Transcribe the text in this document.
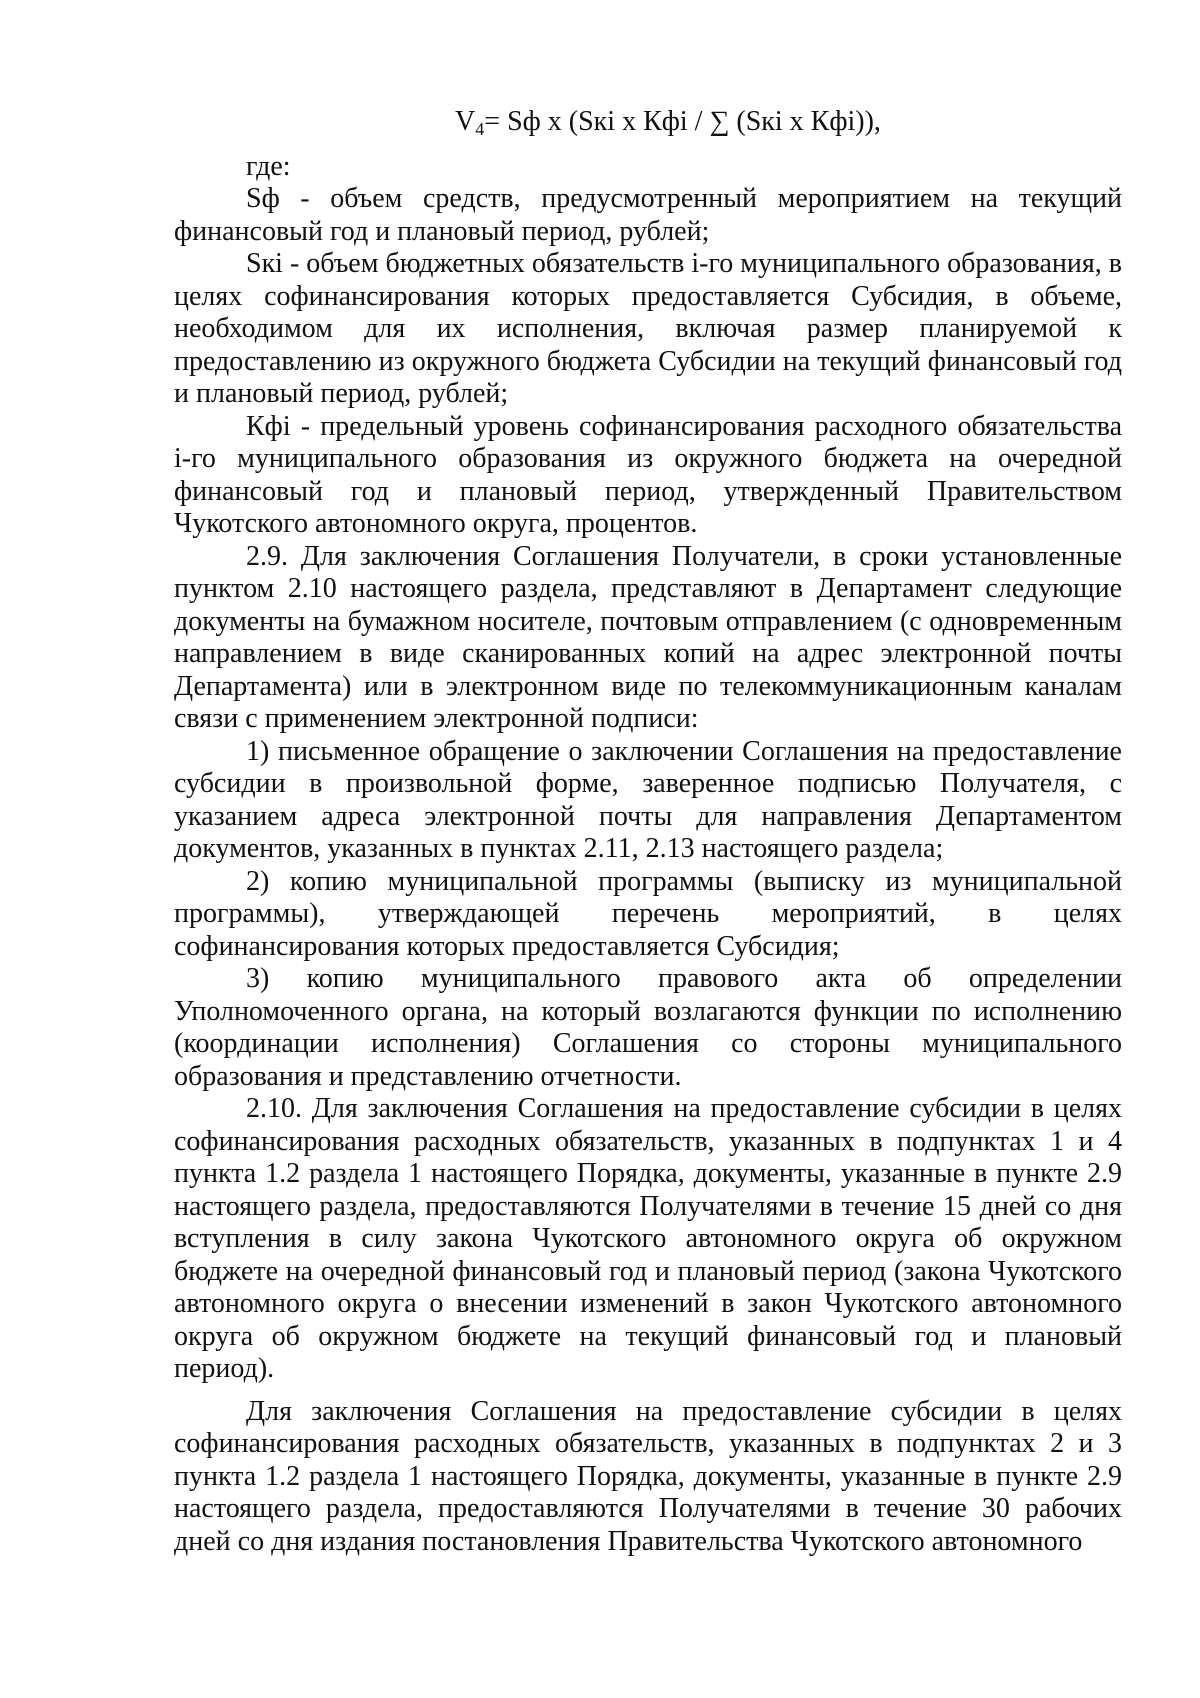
$V_4=$ Sф х (Sкi х Кфi / ∑ (Sкi х Кфi)),

где:

Sф - объем средств, предусмотренный мероприятием на текущий финансовый год и плановый период, рублей;

Sкi - объем бюджетных обязательств i-го муниципального образования, в целях софинансирования которых предоставляется Субсидия, в объеме, необходимом для их исполнения, включая размер планируемой к предоставлению из окружного бюджета Субсидии на текущий финансовый год и плановый период, рублей;

Кфi - предельный уровень софинансирования расходного обязательства i-го муниципального образования из окружного бюджета на очередной финансовый год и плановый период, утвержденный Правительством Чукотского автономного округа, процентов.

2.9. Для заключения Соглашения Получатели, в сроки установленные пунктом 2.10 настоящего раздела, представляют в Департамент следующие документы на бумажном носителе, почтовым отправлением (с одновременным направлением в виде сканированных копий на адрес электронной почты Департамента) или в электронном виде по телекоммуникационным каналам связи с применением электронной подписи:

1) письменное обращение о заключении Соглашения на предоставление субсидии в произвольной форме, заверенное подписью Получателя, с указанием адреса электронной почты для направления Департаментом документов, указанных в пунктах 2.11, 2.13 настоящего раздела;

2) копию муниципальной программы (выписку из муниципальной программы), утверждающей перечень мероприятий, в целях софинансирования которых предоставляется Субсидия;

3) копию муниципального правового акта об определении Уполномоченного органа, на который возлагаются функции по исполнению (координации исполнения) Соглашения со стороны муниципального образования и представлению отчетности.

2.10. Для заключения Соглашения на предоставление субсидии в целях софинансирования расходных обязательств, указанных в подпунктах 1 и 4 пункта 1.2 раздела 1 настоящего Порядка, документы, указанные в пункте 2.9 настоящего раздела, предоставляются Получателями в течение 15 дней со дня вступления в силу закона Чукотского автономного округа об окружном бюджете на очередной финансовый год и плановый период (закона Чукотского автономного округа о внесении изменений в закон Чукотского автономного округа об окружном бюджете на текущий финансовый год и плановый период).

Для заключения Соглашения на предоставление субсидии в целях софинансирования расходных обязательств, указанных в подпунктах 2 и 3 пункта 1.2 раздела 1 настоящего Порядка, документы, указанные в пункте 2.9 настоящего раздела, предоставляются Получателями в течение 30 рабочих дней со дня издания постановления Правительства Чукотского автономного
